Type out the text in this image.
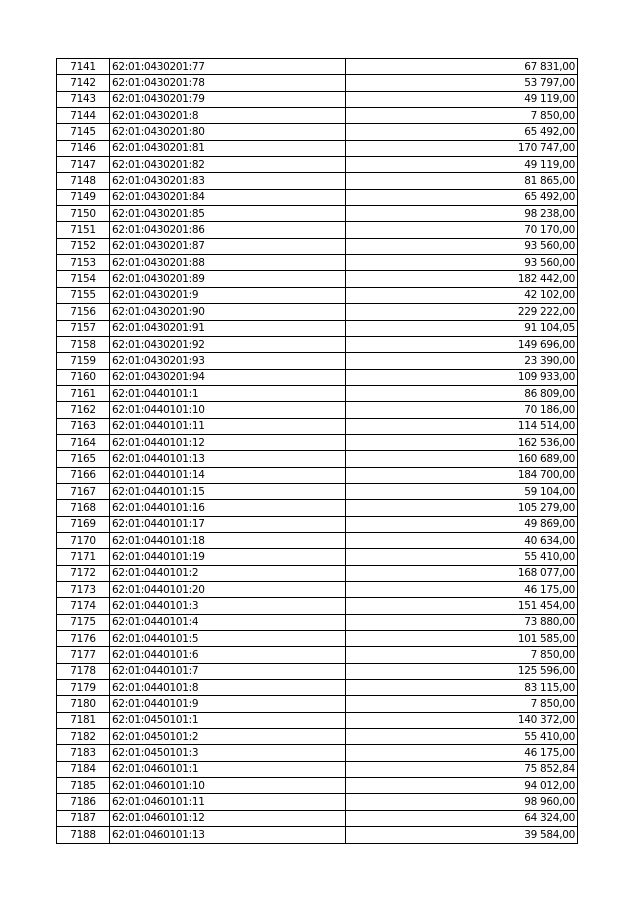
7141	62:01:0430201:77	67 831,00
7142	62:01:0430201:78	53 797,00
7143	62:01:0430201:79	49 119,00
7144	62:01:0430201:8	7 850,00
7145	62:01:0430201:80	65 492,00
7146	62:01:0430201:81	170 747,00
7147	62:01:0430201:82	49 119,00
7148	62:01:0430201:83	81 865,00
7149	62:01:0430201:84	65 492,00
7150	62:01:0430201:85	98 238,00
7151	62:01:0430201:86	70 170,00
7152	62:01:0430201:87	93 560,00
7153	62:01:0430201:88	93 560,00
7154	62:01:0430201:89	182 442,00
7155	62:01:0430201:9	42 102,00
7156	62:01:0430201:90	229 222,00
7157	62:01:0430201:91	91 104,05
7158	62:01:0430201:92	149 696,00
7159	62:01:0430201:93	23 390,00
7160	62:01:0430201:94	109 933,00
7161	62:01:0440101:1	86 809,00
7162	62:01:0440101:10	70 186,00
7163	62:01:0440101:11	114 514,00
7164	62:01:0440101:12	162 536,00
7165	62:01:0440101:13	160 689,00
7166	62:01:0440101:14	184 700,00
7167	62:01:0440101:15	59 104,00
7168	62:01:0440101:16	105 279,00
7169	62:01:0440101:17	49 869,00
7170	62:01:0440101:18	40 634,00
7171	62:01:0440101:19	55 410,00
7172	62:01:0440101:2	168 077,00
7173	62:01:0440101:20	46 175,00
7174	62:01:0440101:3	151 454,00
7175	62:01:0440101:4	73 880,00
7176	62:01:0440101:5	101 585,00
7177	62:01:0440101:6	7 850,00
7178	62:01:0440101:7	125 596,00
7179	62:01:0440101:8	83 115,00
7180	62:01:0440101:9	7 850,00
7181	62:01:0450101:1	140 372,00
7182	62:01:0450101:2	55 410,00
7183	62:01:0450101:3	46 175,00
7184	62:01:0460101:1	75 852,84
7185	62:01:0460101:10	94 012,00
7186	62:01:0460101:11	98 960,00
7187	62:01:0460101:12	64 324,00
7188	62:01:0460101:13	39 584,00
